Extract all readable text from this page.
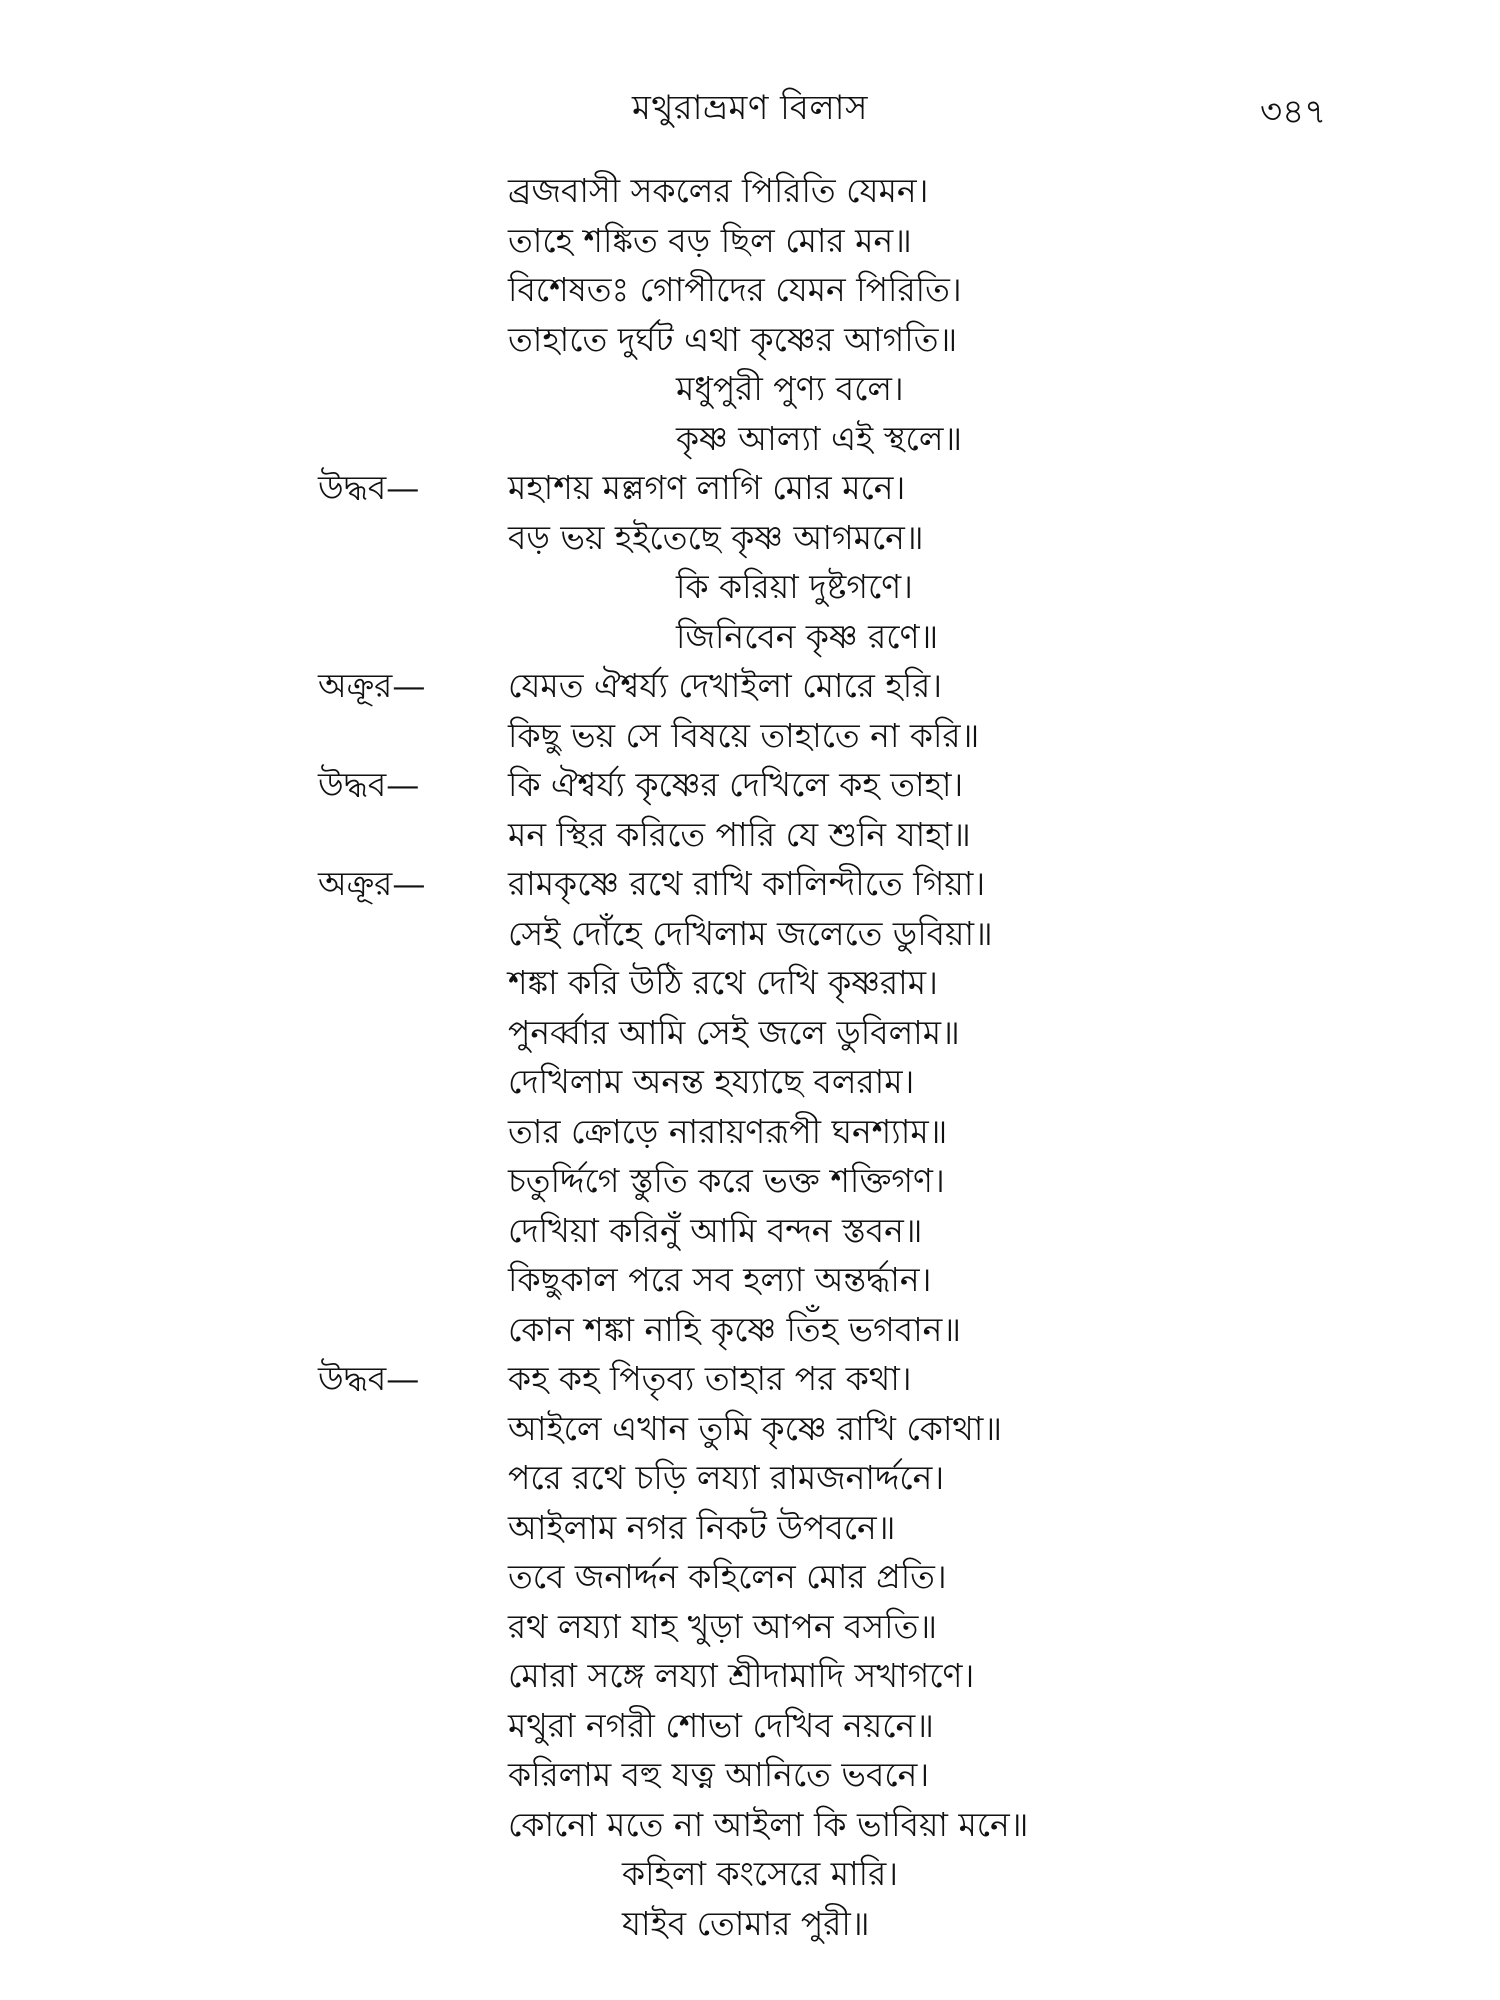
মথুরাভ্রমণ বিলাস	৩৪৭
ব্রজবাসী সকলের পিরিতি যেমন।
তাহে শঙ্কিত বড় ছিল মোর মন॥
বিশেষতঃ গোপীদের যেমন পিরিতি।
তাহাতে দুর্ঘট এথা কৃষ্ণের আগতি॥
মধুপুরী পুণ্য বলে।
কৃষ্ণ আল্যা এই স্থলে॥
উদ্ধব—	মহাশয় মল্লগণ লাগি মোর মনে।
বড় ভয় হইতেছে কৃষ্ণ আগমনে॥
কি করিয়া দুষ্টগণে।
জিনিবেন কৃষ্ণ রণে॥
অক্রূর—	যেমত ঐশ্বর্য্য দেখাইলা মোরে হরি।
কিছু ভয় সে বিষয়ে তাহাতে না করি॥
উদ্ধব—	কি ঐশ্বর্য্য কৃষ্ণের দেখিলে কহ তাহা।
মন স্থির করিতে পারি যে শুনি যাহা॥
অক্রূর—	রামকৃষ্ণে রথে রাখি কালিন্দীতে গিয়া।
সেই দোঁহে দেখিলাম জলেতে ডুবিয়া॥
শঙ্কা করি উঠি রথে দেখি কৃষ্ণরাম।
পুনর্ব্বার আমি সেই জলে ডুবিলাম॥
দেখিলাম অনন্ত হয্যাছে বলরাম।
তার ক্রোড়ে নারায়ণরূপী ঘনশ্যাম॥
চতুর্দ্দিগে স্তুতি করে ভক্ত শক্তিগণ।
দেখিয়া করিনুঁ আমি বন্দন স্তবন॥
কিছুকাল পরে সব হল্যা অন্তর্দ্ধান।
কোন শঙ্কা নাহি কৃষ্ণে তিঁহ ভগবান॥
উদ্ধব—	কহ কহ পিতৃব্য তাহার পর কথা।
আইলে এখান তুমি কৃষ্ণে রাখি কোথা॥
পরে রথে চড়ি লয্যা রামজনার্দ্দনে।
আইলাম নগর নিকট উপবনে॥
তবে জনার্দ্দন কহিলেন মোর প্রতি।
রথ লয্যা যাহ খুড়া আপন বসতি॥
মোরা সঙ্গে লয্যা শ্রীদামাদি সখাগণে।
মথুরা নগরী শোভা দেখিব নয়নে॥
করিলাম বহু যত্ন আনিতে ভবনে।
কোনো মতে না আইলা কি ভাবিয়া মনে॥
কহিলা কংসেরে মারি।
যাইব তোমার পুরী॥
